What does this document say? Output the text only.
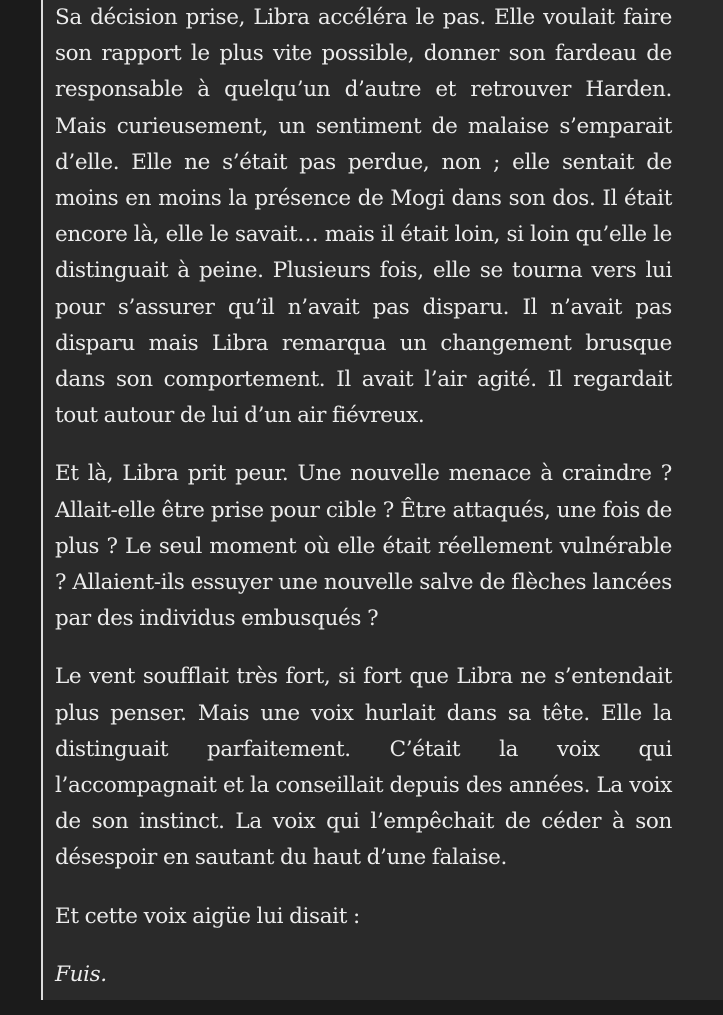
Sa décision prise, Libra accéléra le pas. Elle voulait faire son rapport le plus vite possible, donner son fardeau de responsable à quelqu’un d’autre et retrouver Harden. Mais curieusement, un sentiment de malaise s’emparait d’elle. Elle ne s’était pas perdue, non ; elle sentait de moins en moins la présence de Mogi dans son dos. Il était encore là, elle le savait… mais il était loin, si loin qu’elle le distinguait à peine. Plusieurs fois, elle se tourna vers lui pour s’assurer qu’il n’avait pas disparu. Il n’avait pas disparu mais Libra remarqua un changement brusque dans son comportement. Il avait l’air agité. Il regardait tout autour de lui d’un air fiévreux.

Et là, Libra prit peur. Une nouvelle menace à craindre ? Allait-elle être prise pour cible ? Être attaqués, une fois de plus ? Le seul moment où elle était réellement vulnérable ? Allaient-ils essuyer une nouvelle salve de flèches lancées par des individus embusqués ?

Le vent soufflait très fort, si fort que Libra ne s’entendait plus penser. Mais une voix hurlait dans sa tête. Elle la distinguait parfaitement. C’était la voix qui l’accompagnait et la conseillait depuis des années. La voix de son instinct. La voix qui l’empêchait de céder à son désespoir en sautant du haut d’une falaise.

Et cette voix aigüe lui disait :

Fuis.
